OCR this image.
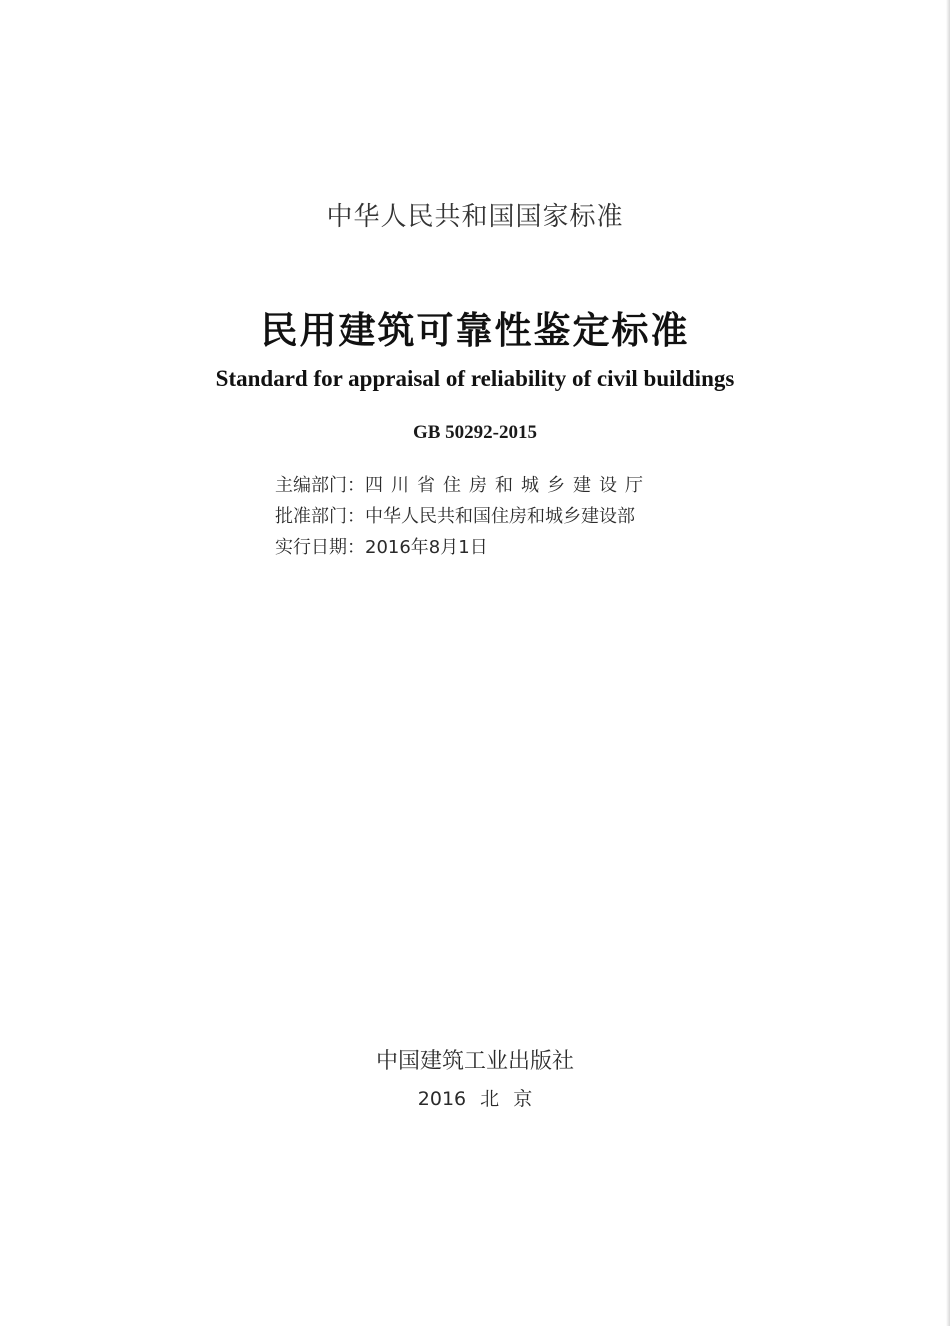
中华人民共和国国家标准
民用建筑可靠性鉴定标准
Standard for appraisal of reliability of civil buildings
GB 50292-2015
主编部门：四川省住房和城乡建设厅
批准部门：中华人民共和国住房和城乡建设部
实行日期：2016年8月1日
中国建筑工业出版社
2016 北 京
